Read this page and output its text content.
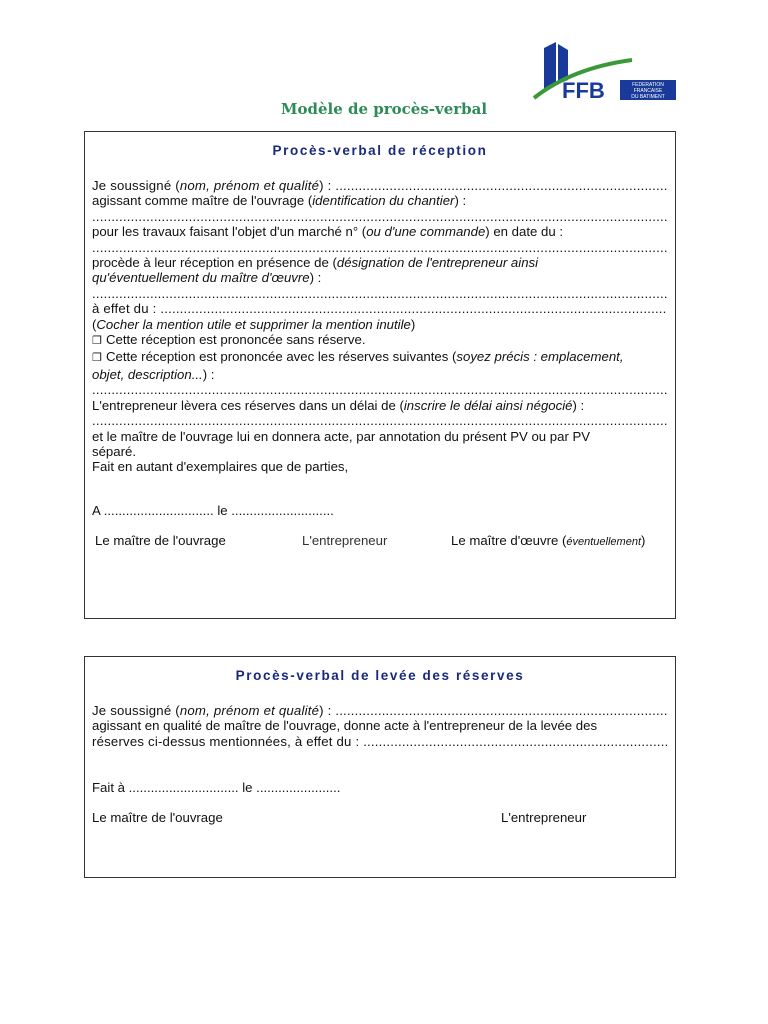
FFB	FEDERATION
FRANCAISE
DU BATIMENT
Modèle de procès-verbal
Procès-verbal de réception
Je soussigné (nom, prénom et qualité) : .....
agissant comme maître de l'ouvrage (identification du chantier) :
.....
pour les travaux faisant l'objet d'un marché n° (ou d'une commande) en date du :
.....
procède à leur réception en présence de (désignation de l'entrepreneur ainsi
qu'éventuellement du maître d'œuvre) :
.....
à effet du : .....
(Cocher la mention utile et supprimer la mention inutile)
❐ Cette réception est prononcée sans réserve.
❐ Cette réception est prononcée avec les réserves suivantes (soyez précis : emplacement,
objet, description...) :
.....
L'entrepreneur lèvera ces réserves dans un délai de (inscrire le délai ainsi négocié) :
.....
et le maître de l'ouvrage lui en donnera acte, par annotation du présent PV ou par PV
séparé.
Fait en autant d'exemplaires que de parties,
A .............................. le ............................
Le maître de l'ouvrage	L'entrepreneur	Le maître d'œuvre (éventuellement)
Procès-verbal de levée des réserves
Je soussigné (nom, prénom et qualité) : .....
agissant en qualité de maître de l'ouvrage, donne acte à l'entrepreneur de la levée des
réserves ci-dessus mentionnées, à effet du : .....
Fait à .............................. le .......................
Le maître de l'ouvrage	L'entrepreneur
